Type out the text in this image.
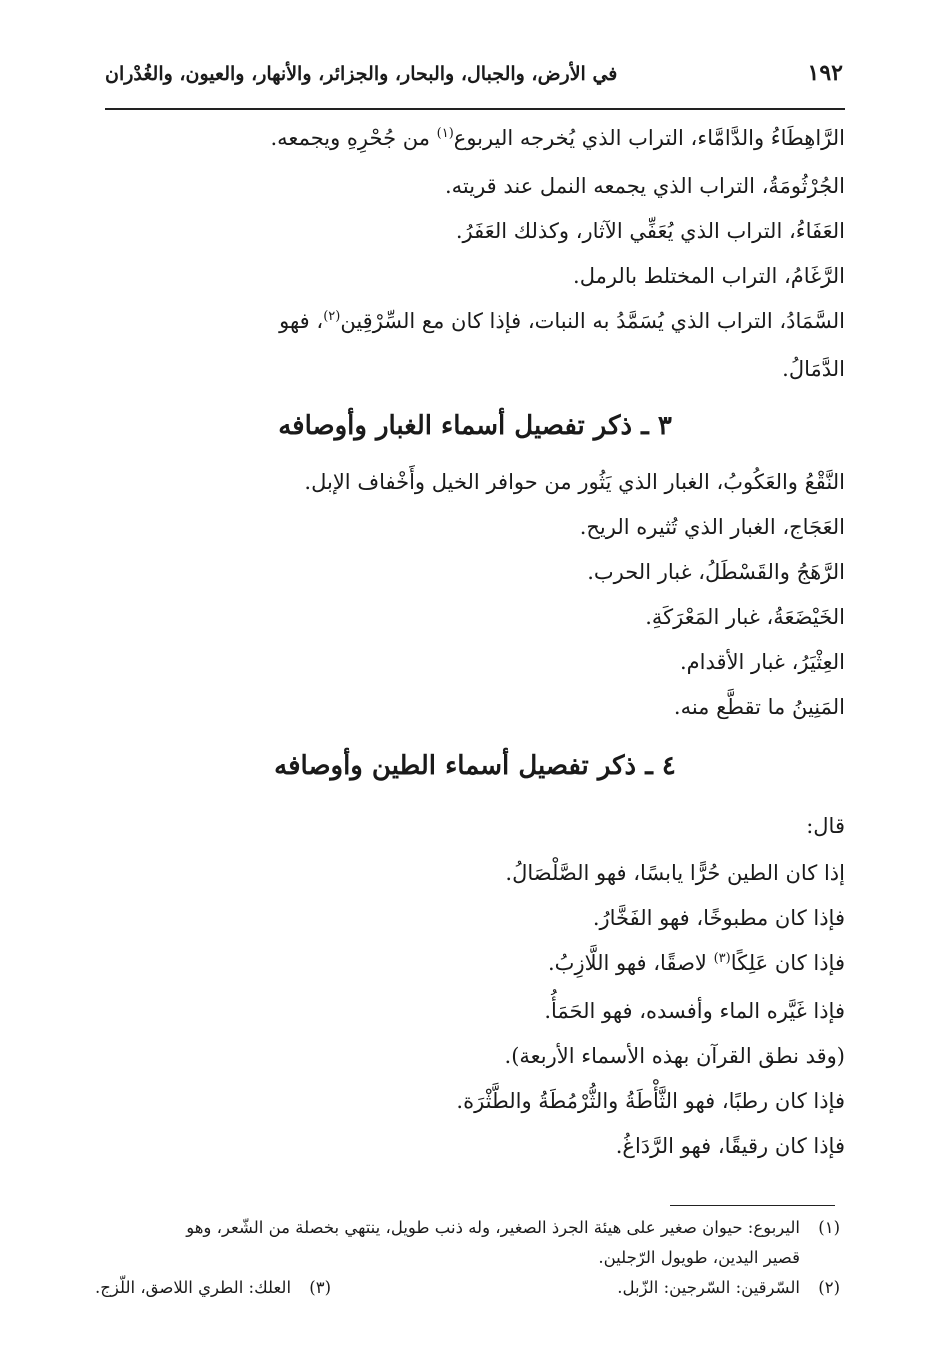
١٩٢
في الأرض، والجبال، والبحار، والجزائر، والأنهار، والعيون، والغُدْران
الرَّاهِطَاءُ والدَّامَّاء، التراب الذي يُخرجه اليربوع$^{(١)}$ من جُحْرِهِ ويجمعه.
الجُرْثُومَةُ، التراب الذي يجمعه النمل عند قريته.
العَفَاءُ، التراب الذي يُعَفِّي الآثار، وكذلك العَفَرُ.
الرَّغَامُ، التراب المختلط بالرمل.
السَّمَادُ، التراب الذي يُسَمَّدُ به النبات، فإذا كان مع السِّرْقِين$^{(٢)}$، فهو
الدَّمَالُ.
٣ ـ ذكر تفصيل أسماء الغبار وأوصافه
النَّقْعُ والعَكُوبُ، الغبار الذي يَثُور من حوافر الخيل وأَخْفاف الإبل.
العَجَاج، الغبار الذي تُثيره الريح.
الرَّهَجُ والقَسْطَلُ، غبار الحرب.
الخَيْضَعَةُ، غبار المَعْرَكَةِ.
العِثْيَرُ، غبار الأقدام.
المَنِينُ ما تقطَّع منه.
٤ ـ ذكر تفصيل أسماء الطين وأوصافه
قال:
إذا كان الطين حُرًّا يابسًا، فهو الصَّلْصَالُ.
فإذا كان مطبوخًا، فهو الفَخَّارُ.
فإذا كان عَلِكًا$^{(٣)}$ لاصقًا، فهو اللَّازِبُ.
فإذا غَيَّره الماء وأفسده، فهو الحَمَأُ.
(وقد نطق القرآن بهذه الأسماء الأربعة).
فإذا كان رطبًا، فهو الثَّأْطَةُ والثُّرْمُطَةُ والطَّثْرَة.
فإذا كان رقيقًا، فهو الرَّدَاغُ.
(١)
اليربوع: حيوان صغير على هيئة الجرذ الصغير، وله ذنب طويل، ينتهي بخصلة من الشّعر، وهو
قصير اليدين، طويول الرّجلين.
(٢)
السّرقين: السّرجين: الزّبل.
(٣)
العلك: الطري اللاصق، اللّزج.
